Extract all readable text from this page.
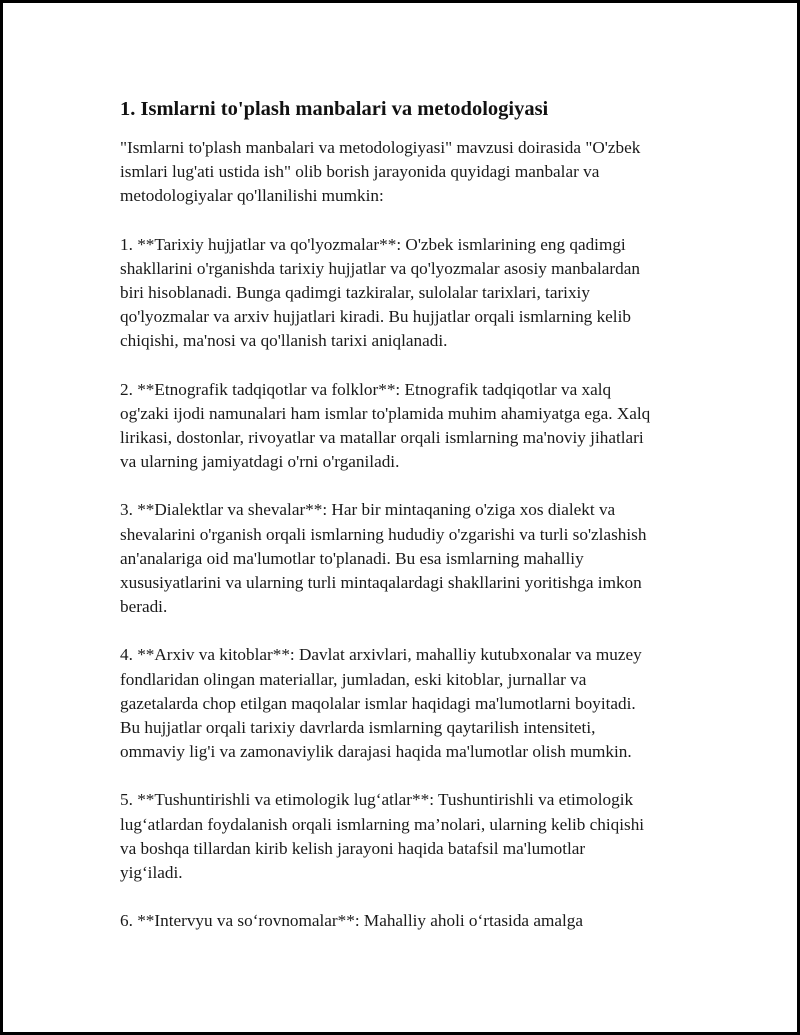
1. Ismlarni to'plash manbalari va metodologiyasi

"Ismlarni to'plash manbalari va metodologiyasi" mavzusi doirasida "O'zbek
ismlari lug'ati ustida ish" olib borish jarayonida quyidagi manbalar va
metodologiyalar qo'llanilishi mumkin:

1. **Tarixiy hujjatlar va qo'lyozmalar**: O'zbek ismlarining eng qadimgi
shakllarini o'rganishda tarixiy hujjatlar va qo'lyozmalar asosiy manbalardan
biri hisoblanadi. Bunga qadimgi tazkiralar, sulolalar tarixlari, tarixiy
qo'lyozmalar va arxiv hujjatlari kiradi. Bu hujjatlar orqali ismlarning kelib
chiqishi, ma'nosi va qo'llanish tarixi aniqlanadi.

2. **Etnografik tadqiqotlar va folklor**: Etnografik tadqiqotlar va xalq
og'zaki ijodi namunalari ham ismlar to'plamida muhim ahamiyatga ega. Xalq
lirikasi, dostonlar, rivoyatlar va matallar orqali ismlarning ma'noviy jihatlari
va ularning jamiyatdagi o'rni o'rganiladi.

3. **Dialektlar va shevalar**: Har bir mintaqaning o'ziga xos dialekt va
shevalarini o'rganish orqali ismlarning hududiy o'zgarishi va turli so'zlashish
an'analariga oid ma'lumotlar to'planadi. Bu esa ismlarning mahalliy
xususiyatlarini va ularning turli mintaqalardagi shakllarini yoritishga imkon
beradi.

4. **Arxiv va kitoblar**: Davlat arxivlari, mahalliy kutubxonalar va muzey
fondlaridan olingan materiallar, jumladan, eski kitoblar, jurnallar va
gazetalarda chop etilgan maqolalar ismlar haqidagi ma'lumotlarni boyitadi.
Bu hujjatlar orqali tarixiy davrlarda ismlarning qaytarilish intensiteti,
ommaviy lig'i va zamonaviylik darajasi haqida ma'lumotlar olish mumkin.

5. **Tushuntirishli va etimologik lug‘atlar**: Tushuntirishli va etimologik
lug‘atlardan foydalanish orqali ismlarning ma’nolari, ularning kelib chiqishi
va boshqa tillardan kirib kelish jarayoni haqida batafsil ma'lumotlar
yig‘iladi.

6. **Intervyu va so‘rovnomalar**: Mahalliy aholi o‘rtasida amalga
